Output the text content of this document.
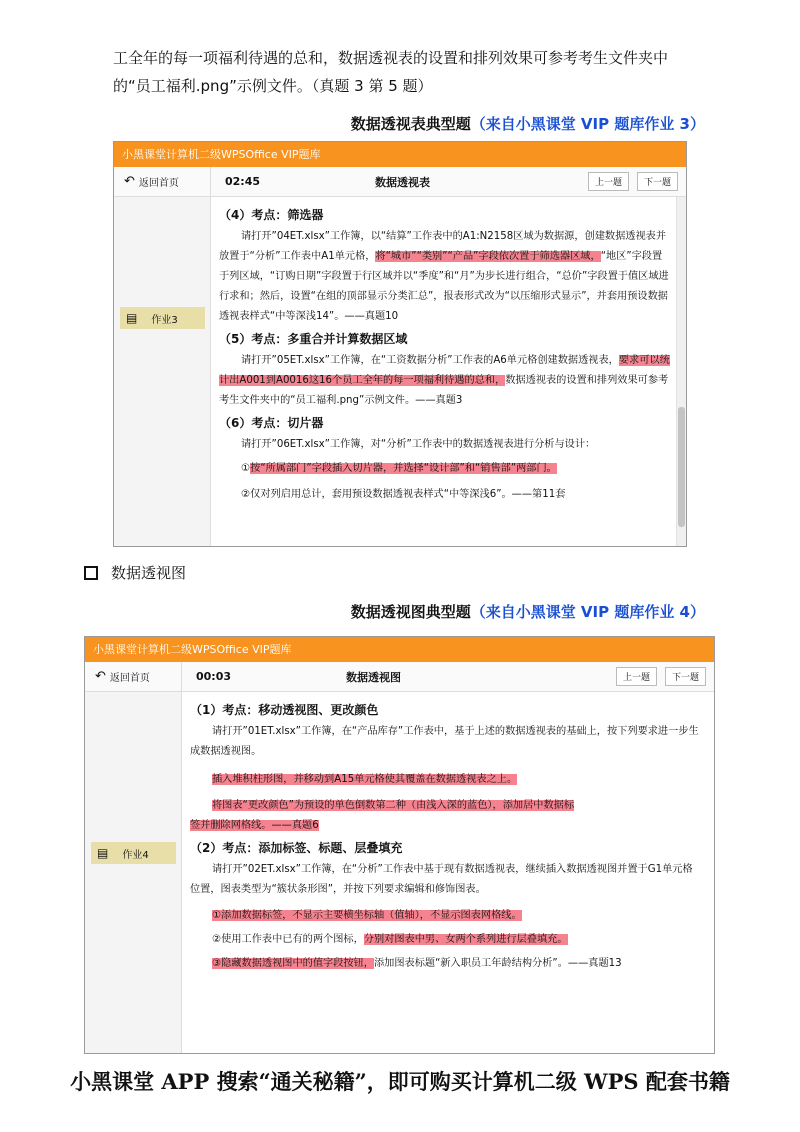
工全年的每一项福利待遇的总和，数据透视表的设置和排列效果可参考考生文件夹中
的“员工福利.png”示例文件。（真题 3 第 5 题）
数据透视表典型题（来自小黑课堂 VIP 题库作业 3）
小黑课堂计算机二级WPSOffice VIP题库
↶ 返回首页	02:45	数据透视表	上一题	下一题
▤ 作业3
（4）考点：筛选器
请打开”04ET.xlsx”工作簿，以“结算”工作表中的A1:N2158区域为数据源，创建数据透视表并放置于“分析”工作表中A1单元格，将“城市”“类别”“产品”字段依次置于筛选器区域，“地区”字段置于列区域，“订购日期”字段置于行区域并以“季度”和“月”为步长进行组合，“总价”字段置于值区域进行求和；然后，设置“在组的顶部显示分类汇总”，报表形式改为“以压缩形式显示”，并套用预设数据透视表样式“中等深浅14”。——真题10
（5）考点：多重合并计算数据区域
请打开”05ET.xlsx”工作簿，在“工资数据分析”工作表的A6单元格创建数据透视表，要求可以统计出A001到A0016这16个员工全年的每一项福利待遇的总和，数据透视表的设置和排列效果可参考考生文件夹中的“员工福利.png”示例文件。——真题3
（6）考点：切片器
请打开”06ET.xlsx”工作簿，对“分析”工作表中的数据透视表进行分析与设计：
①按“所属部门”字段插入切片器，并选择“设计部”和“销售部”两部门。
②仅对列启用总计，套用预设数据透视表样式“中等深浅6”。——第11套
数据透视图
数据透视图典型题（来自小黑课堂 VIP 题库作业 4）
小黑课堂计算机二级WPSOffice VIP题库
↶ 返回首页	00:03	数据透视图	上一题	下一题
▤ 作业4
（1）考点：移动透视图、更改颜色
请打开”01ET.xlsx”工作簿，在“产品库存”工作表中，基于上述的数据透视表的基础上，按下列要求进一步生成数据透视图。
插入堆积柱形图，并移动到A15单元格使其覆盖在数据透视表之上。
将图表“更改颜色”为预设的单色倒数第二种（由浅入深的蓝色），添加居中数据标
签并删除网格线。——真题6
（2）考点：添加标签、标题、层叠填充
请打开”02ET.xlsx”工作簿，在“分析”工作表中基于现有数据透视表，继续插入数据透视图并置于G1单元格位置，图表类型为“簇状条形图”，并按下列要求编辑和修饰图表。
①添加数据标签，不显示主要横坐标轴（值轴），不显示图表网格线。
②使用工作表中已有的两个图标，分别对图表中男、女两个系列进行层叠填充。
③隐藏数据透视图中的值字段按钮，添加图表标题“新入职员工年龄结构分析”。——真题13
小黑课堂 APP 搜索“通关秘籍”，即可购买计算机二级 WPS 配套书籍
